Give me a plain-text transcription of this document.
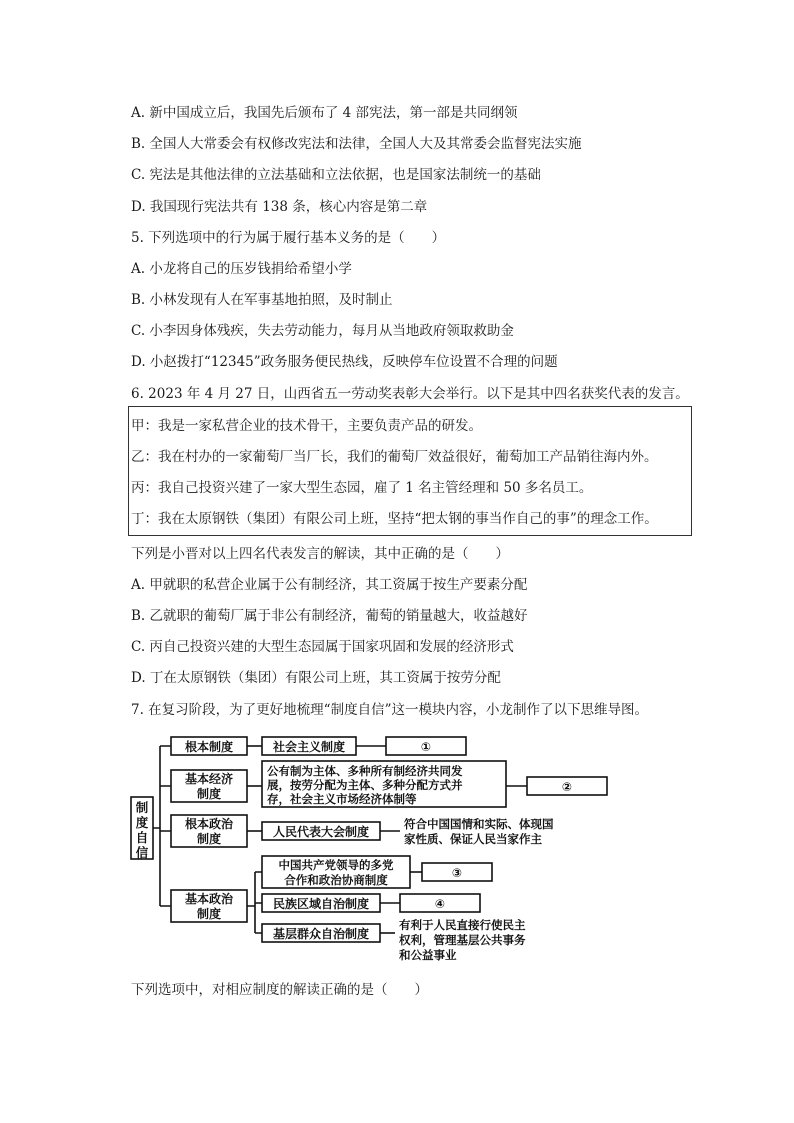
A. 新中国成立后，我国先后颁布了 4 部宪法，第一部是共同纲领
B. 全国人大常委会有权修改宪法和法律，全国人大及其常委会监督宪法实施
C. 宪法是其他法律的立法基础和立法依据，也是国家法制统一的基础
D. 我国现行宪法共有 138 条，核心内容是第二章
5. 下列选项中的行为属于履行基本义务的是（　　）
A. 小龙将自己的压岁钱捐给希望小学
B. 小林发现有人在军事基地拍照，及时制止
C. 小李因身体残疾，失去劳动能力，每月从当地政府领取救助金
D. 小赵拨打“12345”政务服务便民热线，反映停车位设置不合理的问题
6. 2023 年 4 月 27 日，山西省五一劳动奖表彰大会举行。以下是其中四名获奖代表的发言。
甲：我是一家私营企业的技术骨干，主要负责产品的研发。
乙：我在村办的一家葡萄厂当厂长，我们的葡萄厂效益很好，葡萄加工产品销往海内外。
丙：我自己投资兴建了一家大型生态园，雇了 1 名主管经理和 50 多名员工。
丁：我在太原钢铁（集团）有限公司上班，坚持“把太钢的事当作自己的事”的理念工作。
下列是小晋对以上四名代表发言的解读，其中正确的是（　　）
A. 甲就职的私营企业属于公有制经济，其工资属于按生产要素分配
B. 乙就职的葡萄厂属于非公有制经济，葡萄的销量越大，收益越好
C. 丙自己投资兴建的大型生态园属于国家巩固和发展的经济形式
D. 丁在太原钢铁（集团）有限公司上班，其工资属于按劳分配
7. 在复习阶段，为了更好地梳理“制度自信”这一模块内容，小龙制作了以下思维导图。
制
度
自
信
根本制度	社会主义制度	①
基本经济
制度
公有制为主体、多种所有制经济共同发
展，按劳分配为主体、多种分配方式并
存，社会主义市场经济体制等
②
根本政治
制度	人民代表大会制度
符合中国国情和实际、体现国
家性质、保证人民当家作主
基本政治
制度
中国共产党领导的多党
合作和政治协商制度	③
民族区域自治制度	④
基层群众自治制度
有利于人民直接行使民主
权利，管理基层公共事务
和公益事业
下列选项中，对相应制度的解读正确的是（　　）
